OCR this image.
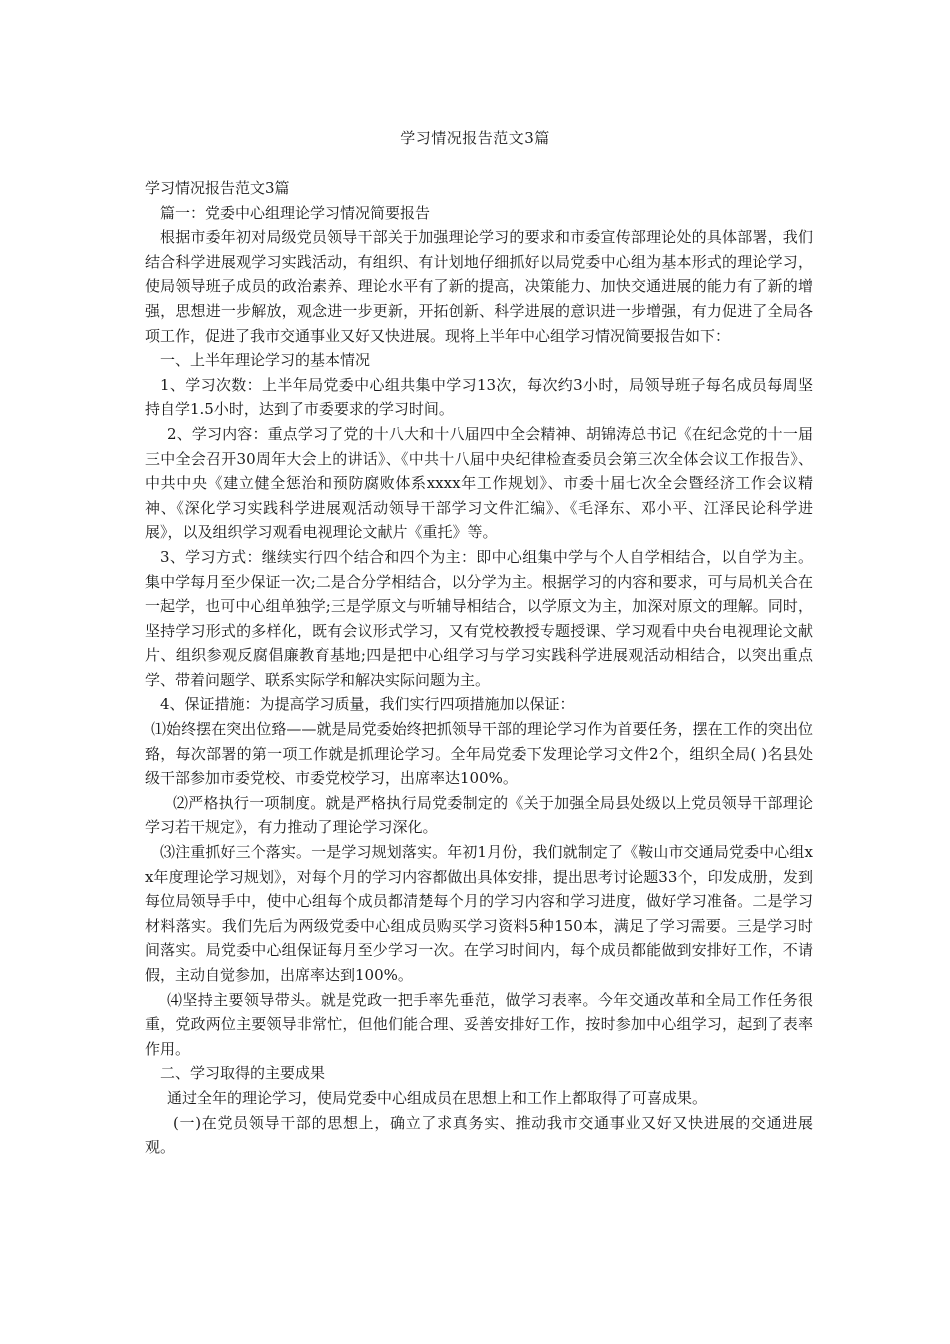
学习情况报告范文3篇

学习情况报告范文3篇

篇一：党委中心组理论学习情况简要报告

根据市委年初对局级党员领导干部关于加强理论学习的要求和市委宣传部理论处的具体部署，我们结合科学进展观学习实践活动，有组织、有计划地仔细抓好以局党委中心组为基本形式的理论学习，使局领导班子成员的政治素养、理论水平有了新的提高，决策能力、加快交通进展的能力有了新的增强，思想进一步解放，观念进一步更新，开拓创新、科学进展的意识进一步增强，有力促进了全局各项工作，促进了我市交通事业又好又快进展。现将上半年中心组学习情况简要报告如下：

一、上半年理论学习的基本情况

1、学习次数：上半年局党委中心组共集中学习13次，每次约3小时，局领导班子每名成员每周坚持自学1.5小时，达到了市委要求的学习时间。

2、学习内容：重点学习了党的十八大和十八届四中全会精神、胡锦涛总书记《在纪念党的十一届三中全会召开30周年大会上的讲话》、《中共十八届中央纪律检查委员会第三次全体会议工作报告》、中共中央《建立健全惩治和预防腐败体系xxxx年工作规划》、市委十届七次全会暨经济工作会议精神、《深化学习实践科学进展观活动领导干部学习文件汇编》、《毛泽东、邓小平、江泽民论科学进展》，以及组织学习观看电视理论文献片《重托》等。

3、学习方式：继续实行四个结合和四个为主：即中心组集中学与个人自学相结合，以自学为主。集中学每月至少保证一次;二是合分学相结合，以分学为主。根据学习的内容和要求，可与局机关合在一起学，也可中心组单独学;三是学原文与听辅导相结合，以学原文为主，加深对原文的理解。同时，坚持学习形式的多样化，既有会议形式学习，又有党校教授专题授课、学习观看中央台电视理论文献片、组织参观反腐倡廉教育基地;四是把中心组学习与学习实践科学进展观活动相结合，以突出重点学、带着问题学、联系实际学和解决实际问题为主。

4、保证措施：为提高学习质量，我们实行四项措施加以保证：

⑴始终摆在突出位臵——就是局党委始终把抓领导干部的理论学习作为首要任务，摆在工作的突出位臵，每次部署的第一项工作就是抓理论学习。全年局党委下发理论学习文件2个，组织全局( )名县处级干部参加市委党校、市委党校学习，出席率达100%。

⑵严格执行一项制度。就是严格执行局党委制定的《关于加强全局县处级以上党员领导干部理论学习若干规定》，有力推动了理论学习深化。

⑶注重抓好三个落实。一是学习规划落实。年初1月份，我们就制定了《鞍山市交通局党委中心组xx年度理论学习规划》，对每个月的学习内容都做出具体安排，提出思考讨论题33个，印发成册，发到每位局领导手中，使中心组每个成员都清楚每个月的学习内容和学习进度，做好学习准备。二是学习材料落实。我们先后为两级党委中心组成员购买学习资料5种150本，满足了学习需要。三是学习时间落实。局党委中心组保证每月至少学习一次。在学习时间内，每个成员都能做到安排好工作，不请假，主动自觉参加，出席率达到100%。

⑷坚持主要领导带头。就是党政一把手率先垂范，做学习表率。今年交通改革和全局工作任务很重，党政两位主要领导非常忙，但他们能合理、妥善安排好工作，按时参加中心组学习，起到了表率作用。

二、学习取得的主要成果

通过全年的理论学习，使局党委中心组成员在思想上和工作上都取得了可喜成果。

(一)在党员领导干部的思想上，确立了求真务实、推动我市交通事业又好又快进展的交通进展观。
